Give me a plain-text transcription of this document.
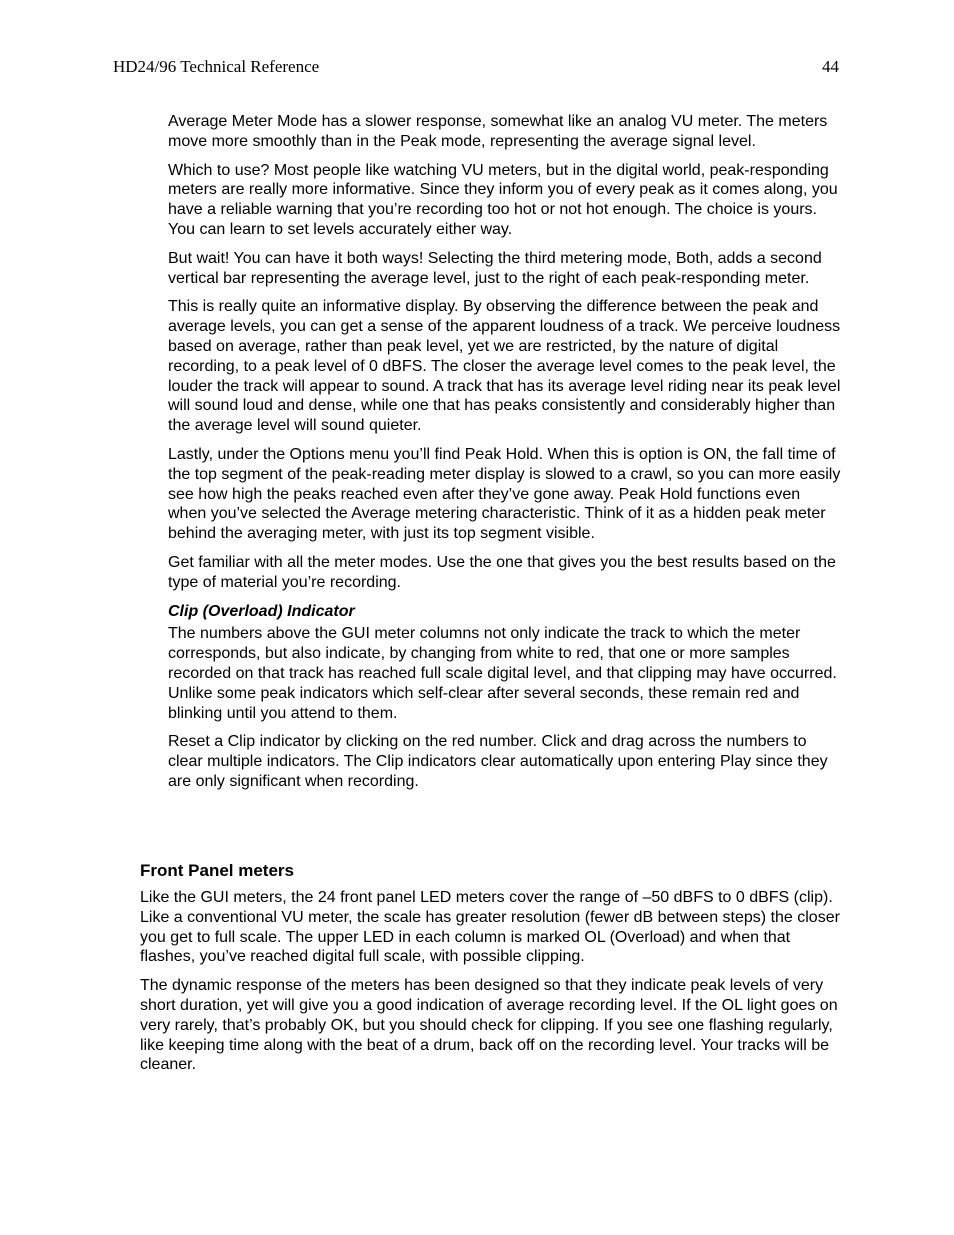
HD24/96 Technical Reference	44

Average Meter Mode has a slower response, somewhat like an analog VU meter. The meters move more smoothly than in the Peak mode, representing the average signal level.

Which to use? Most people like watching VU meters, but in the digital world, peak-responding meters are really more informative. Since they inform you of every peak as it comes along, you have a reliable warning that you’re recording too hot or not hot enough. The choice is yours. You can learn to set levels accurately either way.

But wait! You can have it both ways! Selecting the third metering mode, Both, adds a second vertical bar representing the average level, just to the right of each peak-responding meter.

This is really quite an informative display. By observing the difference between the peak and average levels, you can get a sense of the apparent loudness of a track. We perceive loudness based on average, rather than peak level, yet we are restricted, by the nature of digital recording, to a peak level of 0 dBFS. The closer the average level comes to the peak level, the louder the track will appear to sound. A track that has its average level riding near its peak level will sound loud and dense, while one that has peaks consistently and considerably higher than the average level will sound quieter.

Lastly, under the Options menu you’ll find Peak Hold. When this is option is ON, the fall time of the top segment of the peak-reading meter display is slowed to a crawl, so you can more easily see how high the peaks reached even after they’ve gone away. Peak Hold functions even when you’ve selected the Average metering characteristic. Think of it as a hidden peak meter behind the averaging meter, with just its top segment visible.

Get familiar with all the meter modes. Use the one that gives you the best results based on the type of material you’re recording.

Clip (Overload) Indicator

The numbers above the GUI meter columns not only indicate the track to which the meter corresponds, but also indicate, by changing from white to red, that one or more samples recorded on that track has reached full scale digital level, and that clipping may have occurred. Unlike some peak indicators which self-clear after several seconds, these remain red and blinking until you attend to them.

Reset a Clip indicator by clicking on the red number. Click and drag across the numbers to clear multiple indicators. The Clip indicators clear automatically upon entering Play since they are only significant when recording.

Front Panel meters

Like the GUI meters, the 24 front panel LED meters cover the range of –50 dBFS to 0 dBFS (clip). Like a conventional VU meter, the scale has greater resolution (fewer dB between steps) the closer you get to full scale. The upper LED in each column is marked OL (Overload) and when that flashes, you’ve reached digital full scale, with possible clipping.

The dynamic response of the meters has been designed so that they indicate peak levels of very short duration, yet will give you a good indication of average recording level. If the OL light goes on very rarely, that’s probably OK, but you should check for clipping. If you see one flashing regularly, like keeping time along with the beat of a drum, back off on the recording level. Your tracks will be cleaner.
